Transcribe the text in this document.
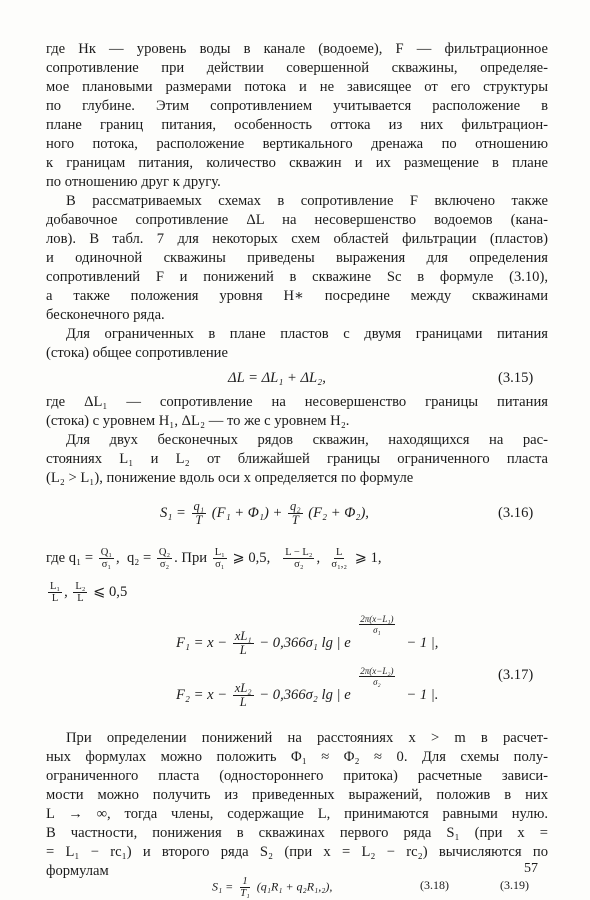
где Hк — уровень воды в канале (водоеме), F — фильтрационное
сопротивление при действии совершенной скважины, определяе-
мое плановыми размерами потока и не зависящее от его структуры
по глубине. Этим сопротивлением учитывается расположение в
плане границ питания, особенность оттока из них фильтрацион-
ного потока, расположение вертикального дренажа по отношению
к границам питания, количество скважин и их размещение в плане
по отношению друг к другу.
В рассматриваемых схемах в сопротивление F включено также
добавочное сопротивление ΔL на несовершенство водоемов (кана-
лов). В табл. 7 для некоторых схем областей фильтрации (пластов)
и одиночной скважины приведены выражения для определения
сопротивлений F и понижений в скважине Sс в формуле (3.10),
а также положения уровня H∗ посредине между скважинами
бесконечного ряда.
Для ограниченных в плане пластов с двумя границами питания
(стока) общее сопротивление
ΔL = ΔL₁ + ΔL₂,	(3.15)
где ΔL₁ — сопротивление на несовершенство границы питания
(стока) с уровнем H₁, ΔL₂ — то же с уровнем H₂.
Для двух бесконечных рядов скважин, находящихся на рас-
стояниях L₁ и L₂ от ближайшей границы ограниченного пласта
(L₂ > L₁), понижение вдоль оси x определяется по формуле
$S_1 = \frac{\text{q₁}}{T} (F_1 + \Phi_1) + \frac{\text{q₂}}{T} (F_2 + \Phi_2)$,	(3.16)
где $q_1 = \frac{\text{Q₁}}{\text{σ₁}}$ , $q_2 = \frac{\text{Q₂}}{\text{σ₂}}$ . При $\frac{\text{L₁}}{\text{σ₁}}$ ⩾ 0,5, $\frac{\text{L − L₂}}{\text{σ₂}}$ , $\frac{L}{\text{σ₁,₂}}$ ⩾ 1,
$\frac{\text{L₁}}{L}$ , $\frac{\text{L₂}}{L}$ ⩽ 0,5
$F_1 = x - \frac{\text{xL₁}}{L} - 0,366\sigma_1$ lg | e
$\frac{\text{2π(x−L₁)}}{\text{σ₁}}$
− 1 |,
$F_2 = x - \frac{\text{xL₂}}{L} - 0,366\sigma_2$ lg | e
$\frac{\text{2π(x−L₂)}}{\text{σ₂}}$
− 1 |.
(3.17)
При определении понижений на расстояниях x > m в расчет-
ных формулах можно положить Φ₁ ≈ Φ₂ ≈ 0. Для схемы полу-
ограниченного пласта (одностороннего притока) расчетные зависи-
мости можно получить из приведенных выражений, положив в них
L → ∞, тогда члены, содержащие L, принимаются равными нулю.
В частности, понижения в скважинах первого ряда S₁ (при x =
= L₁ − rс₁) и второго ряда S₂ (при x = L₂ − rс₂) вычисляются по
формулам
$S_1 = \frac{1}{\text{T₁}} (q_1R_1 + q_2R_1,_2)$,	(3.18)	(3.19)
57
